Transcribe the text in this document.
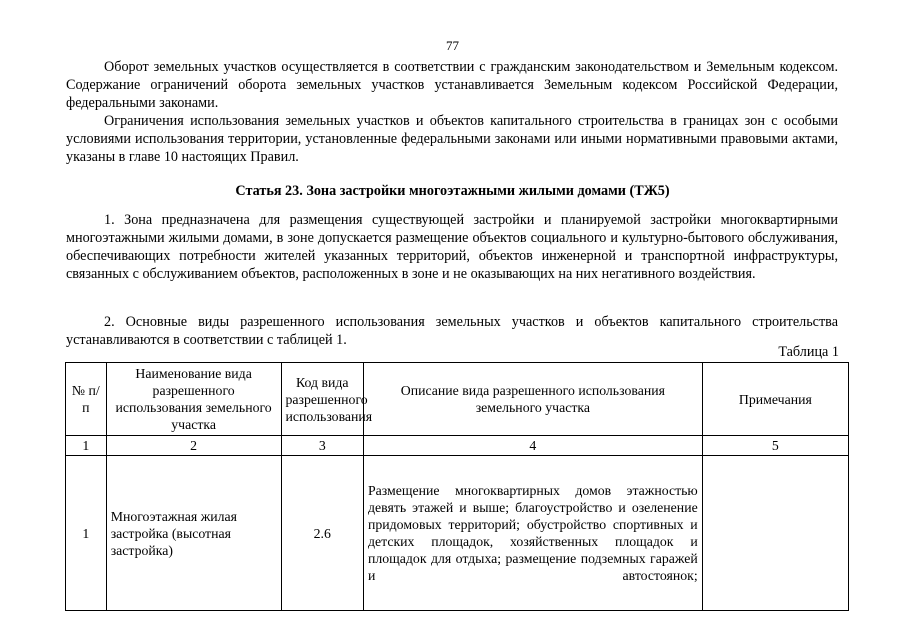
77

Оборот земельных участков осуществляется в соответствии с гражданским законодательством и Земельным кодексом. Содержание ограничений оборота земельных участков устанавливается Земельным кодексом Российской Федерации, федеральными законами.

Ограничения использования земельных участков и объектов капитального строительства в границах зон с особыми условиями использования территории, установленные федеральными законами или иными нормативными правовыми актами, указаны в главе 10 настоящих Правил.

Статья 23. Зона застройки многоэтажными жилыми домами (ТЖ5)

1. Зона предназначена для размещения существующей застройки и планируемой застройки многоквартирными многоэтажными жилыми домами, в зоне допускается размещение объектов социального и культурно-бытового обслуживания, обеспечивающих потребности жителей указанных территорий, объектов инженерной и транспортной инфраструктуры, связанных с обслуживанием объектов, расположенных в зоне и не оказывающих на них негативного воздействия.

2. Основные виды разрешенного использования земельных участков и объектов капитального строительства устанавливаются в соответствии с таблицей 1.

Таблица 1
№ п/п	Наименование вида разрешенного использования земельного участка	Код вида разрешенного использования	Описание вида разрешенного использования земельного участка	Примечания
1	2	3	4	5
1	Многоэтажная жилая застройка (высотная застройка)	2.6	Размещение многоквартирных домов этажностью девять этажей и выше; благоустройство и озеленение придомовых территорий; обустройство спортивных и детских площадок, хозяйственных площадок и площадок для отдыха; размещение подземных гаражей и автостоянок;	
